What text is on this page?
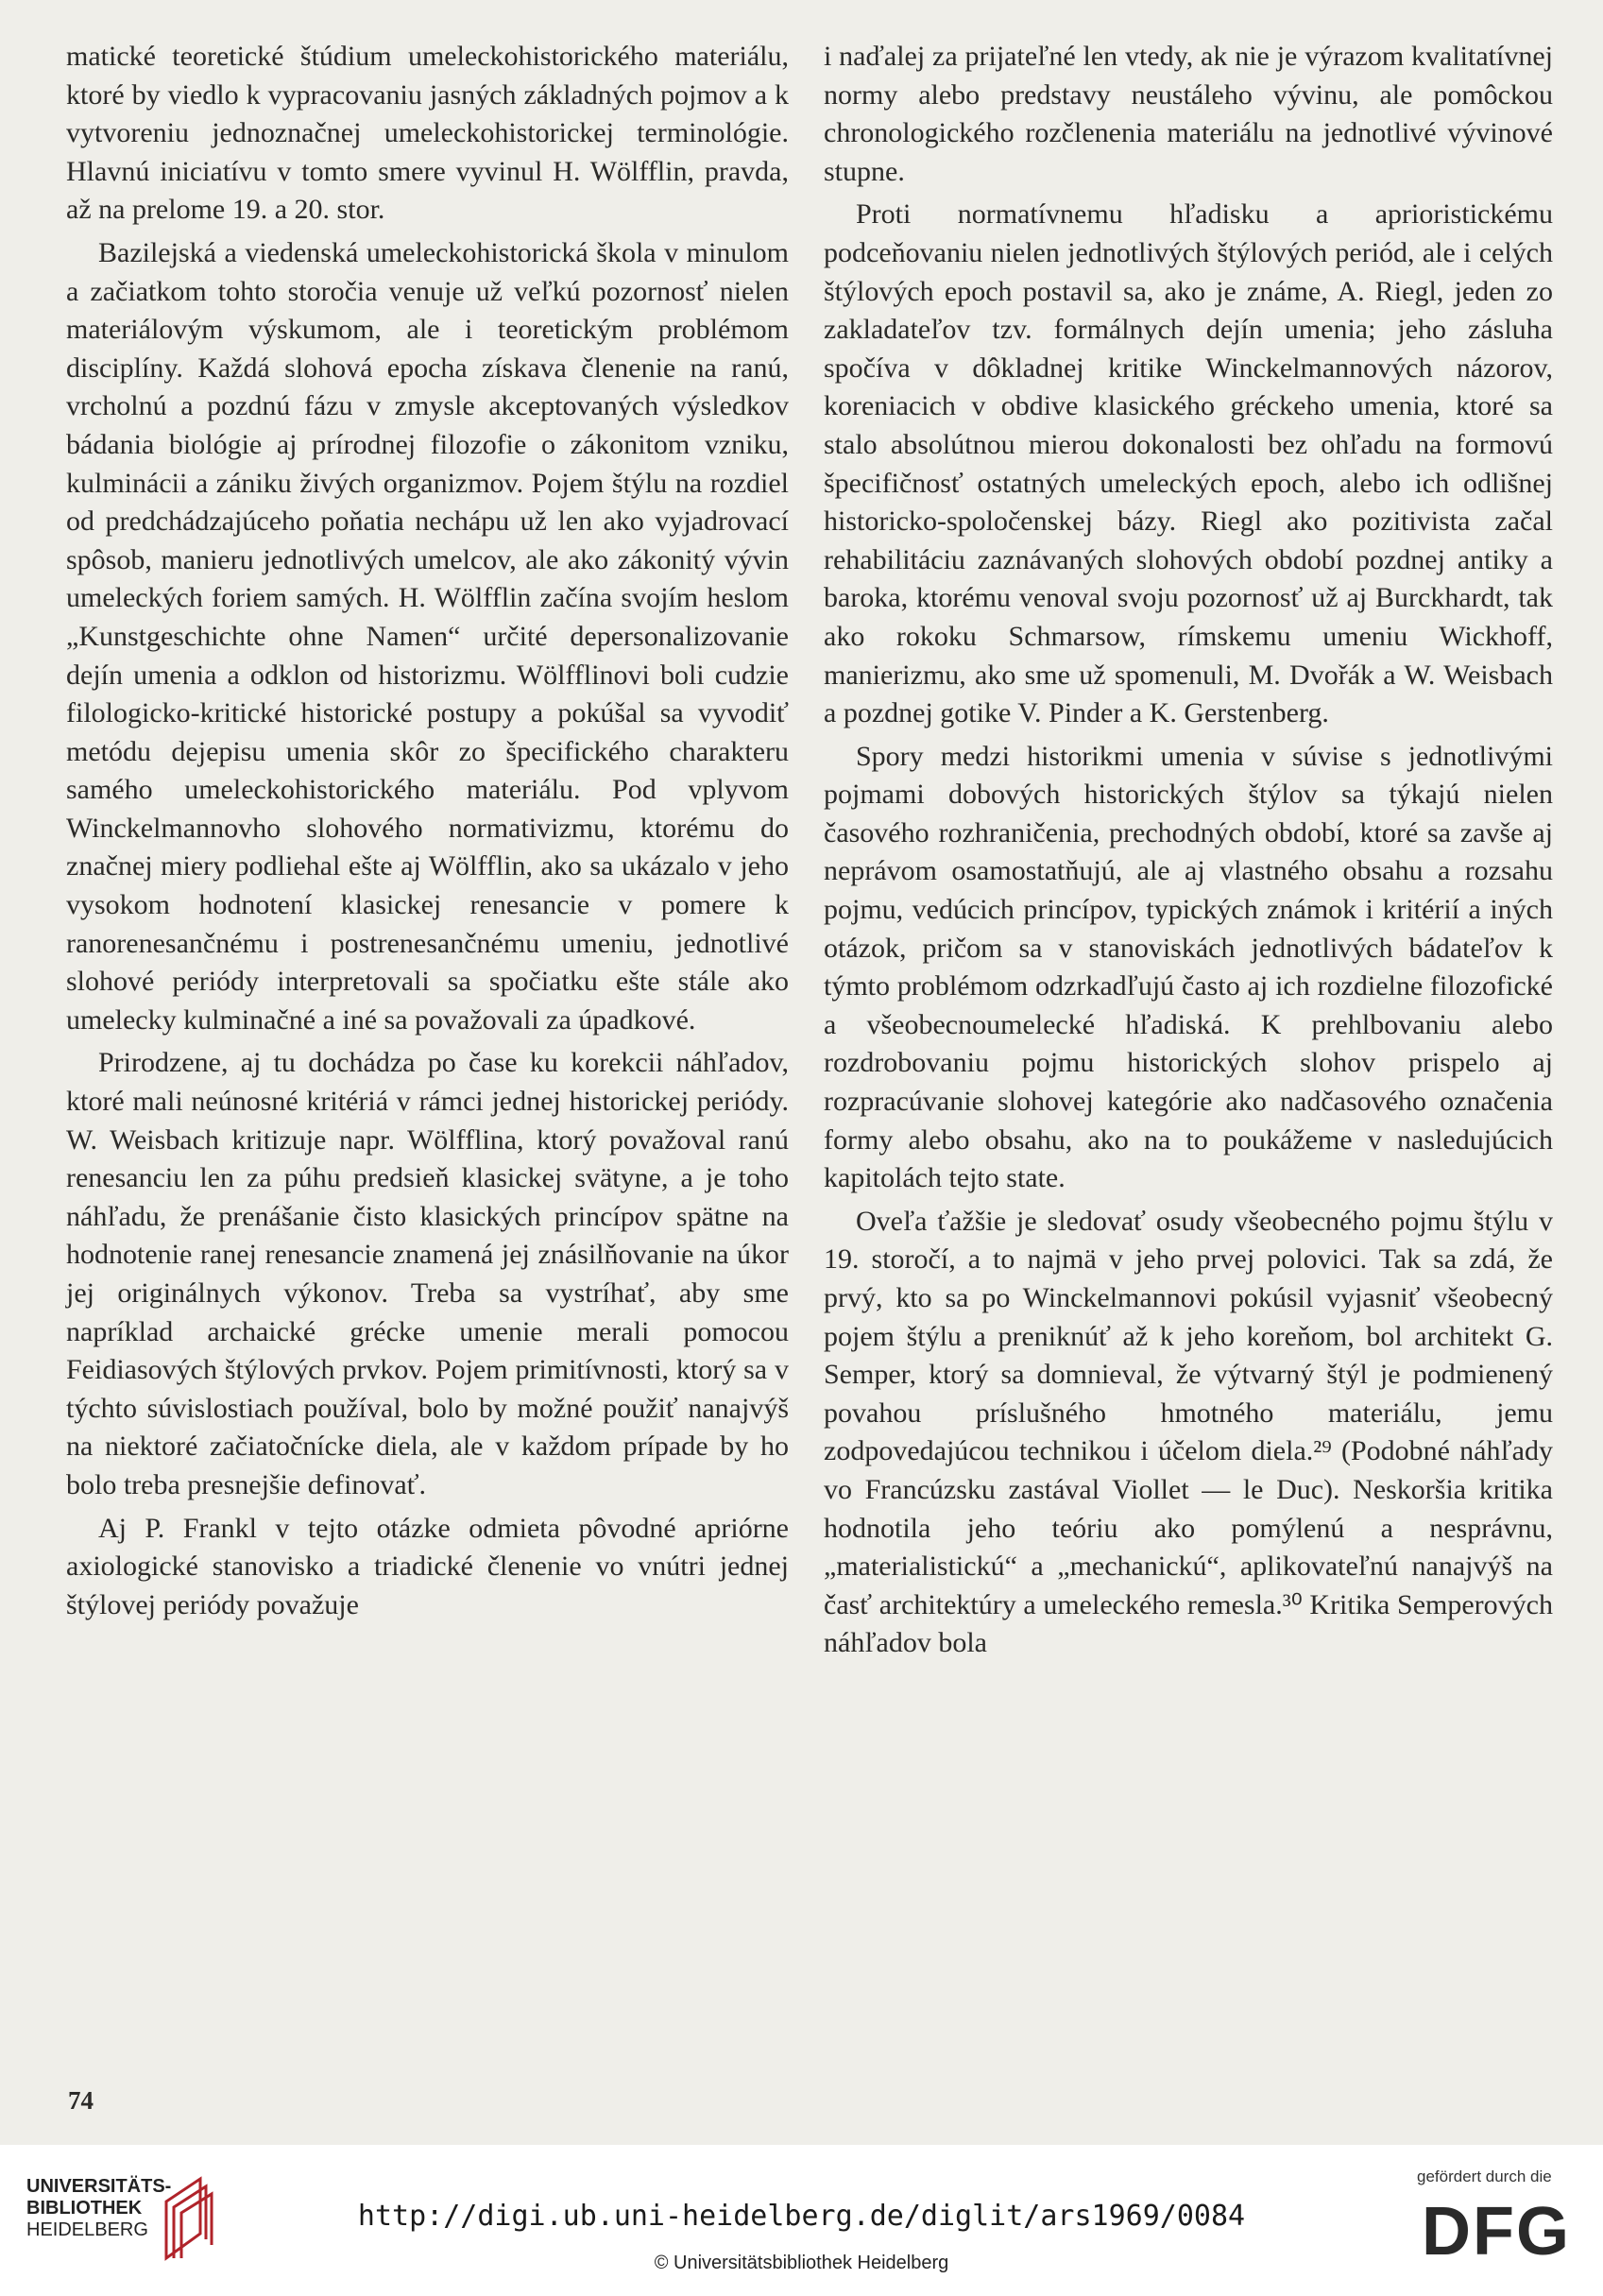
matické teoretické štúdium umeleckohistorického materiálu, ktoré by viedlo k vypracovaniu jasných základných pojmov a k vytvoreniu jednoznačnej umeleckohistorickej terminológie. Hlavnú iniciatívu v tomto smere vyvinul H. Wölfflin, pravda, až na prelome 19. a 20. stor.

Bazilejská a viedenská umeleckohistorická škola v minulom a začiatkom tohto storočia venuje už veľkú pozornosť nielen materiálovým výskumom, ale i teoretickým problémom disciplíny. Každá slohová epocha získava členenie na ranú, vrcholnú a pozdnú fázu v zmysle akceptovaných výsledkov bádania biológie aj prírodnej filozofie o zákonitom vzniku, kulminácii a zániku živých organizmov. Pojem štýlu na rozdiel od predchádzajúceho poňatia nechápu už len ako vyjadrovací spôsob, manieru jednotlivých umelcov, ale ako zákonitý vývin umeleckých foriem samých. H. Wölfflin začína svojím heslom „Kunstgeschichte ohne Namen“ určité depersonalizovanie dejín umenia a odklon od historizmu. Wölfflinovi boli cudzie filologicko-kritické historické postupy a pokúšal sa vyvodiť metódu dejepisu umenia skôr zo špecifického charakteru samého umeleckohistorického materiálu. Pod vplyvom Winckelmannovho slohového normativizmu, ktorému do značnej miery podliehal ešte aj Wölfflin, ako sa ukázalo v jeho vysokom hodnotení klasickej renesancie v pomere k ranorenesančnému i postrenesančnému umeniu, jednotlivé slohové periódy interpretovali sa spočiatku ešte stále ako umelecky kulminačné a iné sa považovali za úpadkové.

Prirodzene, aj tu dochádza po čase ku korekcii náhľadov, ktoré mali neúnosné kritériá v rámci jednej historickej periódy. W. Weisbach kritizuje napr. Wölfflina, ktorý považoval ranú renesanciu len za púhu predsieň klasickej svätyne, a je toho náhľadu, že prenášanie čisto klasických princípov spätne na hodnotenie ranej renesancie znamená jej znásilňovanie na úkor jej originálnych výkonov. Treba sa vystríhať, aby sme napríklad archaické grécke umenie merali pomocou Feidiasových štýlových prvkov. Pojem primitívnosti, ktorý sa v týchto súvislostiach používal, bolo by možné použiť nanajvýš na niektoré začiatočnícke diela, ale v každom prípade by ho bolo treba presnejšie definovať.

Aj P. Frankl v tejto otázke odmieta pôvodné apriórne axiologické stanovisko a triadické členenie vo vnútri jednej štýlovej periódy považuje

i naďalej za prijateľné len vtedy, ak nie je výrazom kvalitatívnej normy alebo predstavy neustáleho vývinu, ale pomôckou chronologického rozčlenenia materiálu na jednotlivé vývinové stupne.

Proti normatívnemu hľadisku a aprioristickému podceňovaniu nielen jednotlivých štýlových periód, ale i celých štýlových epoch postavil sa, ako je známe, A. Riegl, jeden zo zakladateľov tzv. formálnych dejín umenia; jeho zásluha spočíva v dôkladnej kritike Winckelmannových názorov, koreniacich v obdive klasického gréckeho umenia, ktoré sa stalo absolútnou mierou dokonalosti bez ohľadu na formovú špecifičnosť ostatných umeleckých epoch, alebo ich odlišnej historicko-spoločenskej bázy. Riegl ako pozitivista začal rehabilitáciu zaznávaných slohových období pozdnej antiky a baroka, ktorému venoval svoju pozornosť už aj Burckhardt, tak ako rokoku Schmarsow, rímskemu umeniu Wickhoff, manierizmu, ako sme už spomenuli, M. Dvořák a W. Weisbach a pozdnej gotike V. Pinder a K. Gerstenberg.

Spory medzi historikmi umenia v súvise s jednotlivými pojmami dobových historických štýlov sa týkajú nielen časového rozhraničenia, prechodných období, ktoré sa zavše aj neprávom osamostatňujú, ale aj vlastného obsahu a rozsahu pojmu, vedúcich princípov, typických známok i kritérií a iných otázok, pričom sa v stanoviskách jednotlivých bádateľov k týmto problémom odzrkadľujú často aj ich rozdielne filozofické a všeobecnoumelecké hľadiská. K prehlbovaniu alebo rozdrobovaniu pojmu historických slohov prispelo aj rozpracúvanie slohovej kategórie ako nadčasového označenia formy alebo obsahu, ako na to poukážeme v nasledujúcich kapitolách tejto state.

Oveľa ťažšie je sledovať osudy všeobecného pojmu štýlu v 19. storočí, a to najmä v jeho prvej polovici. Tak sa zdá, že prvý, kto sa po Winckelmannovi pokúsil vyjasniť všeobecný pojem štýlu a preniknúť až k jeho koreňom, bol architekt G. Semper, ktorý sa domnieval, že výtvarný štýl je podmienený povahou príslušného hmotného materiálu, jemu zodpovedajúcou technikou i účelom diela.²⁹ (Podobné náhľady vo Francúzsku zastával Viollet — le Duc). Neskoršia kritika hodnotila jeho teóriu ako pomýlenú a nesprávnu, „materialistickú“ a „mechanickú“, aplikovateľnú nanajvýš na časť architektúry a umeleckého remesla.³⁰ Kritika Semperových náhľadov bola

74
UNIVERSITÄTS-
BIBLIOTHEK
HEIDELBERG	http://digi.ub.uni-heidelberg.de/diglit/ars1969/0084
© Universitätsbibliothek Heidelberg
gefördert durch die
DFG
